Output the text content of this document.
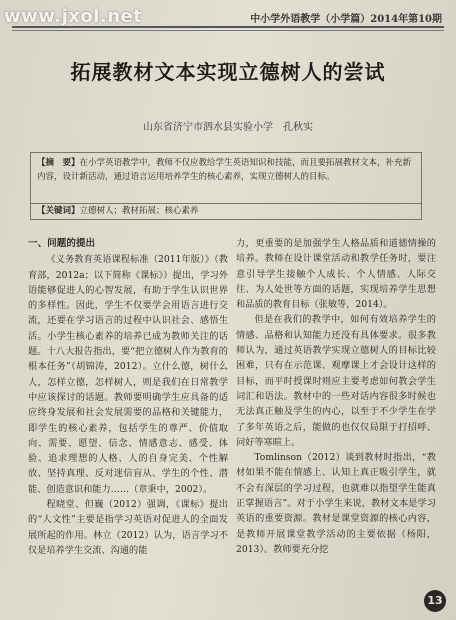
www.jxol.net	中小学外语教学（小学篇）2014年第10期
拓展教材文本实现立德树人的尝试
山东省济宁市泗水县实验小学　孔秋实
【摘　要】在小学英语教学中，教师不仅应教给学生英语知识和技能，而且要拓展教材文本，补充新内容，设计新活动，通过语言运用培养学生的核心素养，实现立德树人的目标。
【关键词】立德树人；教材拓展；核心素养
一、问题的提出

《义务教育英语课程标准（2011年版）》（教育部，2012a；以下简称《课标》）提出，学习外语能够促进人的心智发展，有助于学生认识世界的多样性。因此，学生不仅要学会用语言进行交流，还要在学习语言的过程中认识社会、感悟生活。小学生核心素养的培养已成为教师关注的话题。十八大报告指出，要“把立德树人作为教育的根本任务”（胡锦涛，2012）。立什么德，树什么人，怎样立德，怎样树人，则是我们在日常教学中应该探讨的话题。教师要明确学生应具备的适应终身发展和社会发展需要的品格和关键能力，即学生的核心素养，包括学生的尊严、价值取向、需要、愿望、信念、情感意志、感受、体验、追求理想的人格、人的自身完美、个性解放、坚持真理、反对迷信盲从、学生的个性、潜能、创造意识和能力……（章秉中，2002）。

程晓堂、但巍（2012）强调，《课标》提出的“人文性”主要是指学习英语对促进人的全面发展所起的作用。林立（2012）认为，语言学习不仅是培养学生交流、沟通的能

力，更重要的是加强学生人格品质和道德情操的培养。教师在设计课堂活动和教学任务时，要注意引导学生接触个人成长、个人情感、人际交往、为人处世等方面的话题，实现培养学生思想和品质的教育目标（张敏等，2014）。

但是在我们的教学中，如何有效培养学生的情感、品格和认知能力还没有具体要求。很多教师认为，通过英语教学实现立德树人的目标比较困难，只有在示范课、观摩课上才会设计这样的目标，而平时授课时则应主要考虑如何教会学生词汇和语法。教材中的一些对话内容很多时候也无法真正触及学生的内心，以至于不少学生在学了多年英语之后，能做的也仅仅局限于打招呼、问好等寒暄上。

Tomlinson（2012）谈到教材时指出，“教材如果不能在情感上、认知上真正吸引学生，就不会有深层的学习过程，也就难以指望学生能真正掌握语言”。对于小学生来说，教材文本是学习英语的重要资源。教材是课堂资源的核心内容，是教师开展课堂教学活动的主要依据（杨阳，2013）。教师要充分挖

13
